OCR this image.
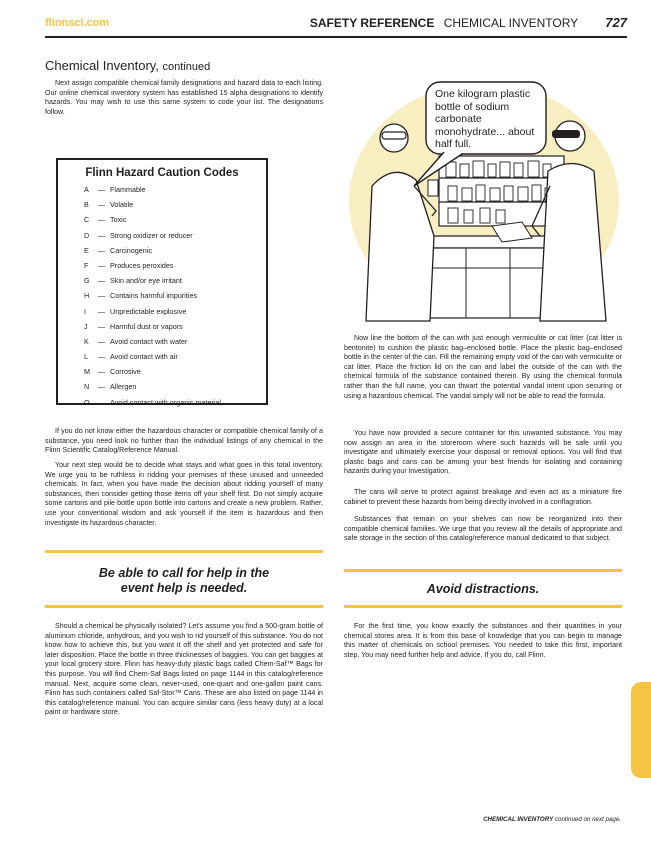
flinnsci.com	SAFETY REFERENCE CHEMICAL INVENTORY 727
Chemical Inventory, continued

Next assign compatible chemical family designations and hazard data to each listing. Our online chemical inventory system has established 15 alpha designations to identify hazards. You may wish to use this same system to code your list. The designations follow.

Flinn Hazard Caution Codes
A — Flammable
B — Volatile
C — Toxic
D — Strong oxidizer or reducer
E — Carcinogenic
F — Produces peroxides
G — Skin and/or eye irritant
H — Contains harmful impurities
I — Unpredictable explosive
J — Harmful dust or vapors
K — Avoid contact with water
L — Avoid contact with air
M — Corrosive
N — Allergen
O — Avoid contact with organic material

If you do not know either the hazardous character or compatible chemical family of a substance, you need look no further than the individual listings of any chemical in the Flinn Scientific Catalog/Reference Manual.

Your next step would be to decide what stays and what goes in this total inventory. We urge you to be ruthless in ridding your premises of these unused and unneeded chemicals. In fact, when you have made the decision about ridding yourself of many substances, then consider getting those items off your shelf first. Do not simply acquire some cartons and pile bottle upon bottle into cartons and create a new problem. Rather, use your conventional wisdom and ask yourself if the item is hazardous and then investigate its hazardous character.

Be able to call for help in the event help is needed.

Should a chemical be physically isolated? Let's assume you find a 500-gram bottle of aluminum chloride, anhydrous, and you wish to rid yourself of this substance. You do not know how to achieve this, but you want it off the shelf and yet protected and safe for later disposition. Place the bottle in three thicknesses of baggies. You can get baggies at your local grocery store. Flinn has heavy-duty plastic bags called Chem-Saf™ Bags for this purpose. You will find Chem-Saf Bags listed on page 1144 in this catalog/reference manual. Next, acquire some clean, never-used, one-quart and one-gallon paint cans. Flinn has such containers called Saf-Stor™ Cans. These are also listed on page 1144 in this catalog/reference manual. You can acquire similar cans (less heavy duty) at a local paint or hardware store.

One kilogram plastic bottle of sodium carbonate monohydrate... about half full.

Now line the bottom of the can with just enough vermiculite or cat litter (cat litter is bentonite) to cushion the plastic bag–enclosed bottle. Place the plastic bag–enclosed bottle in the center of the can. Fill the remaining empty void of the can with vermiculite or cat litter. Place the friction lid on the can and label the outside of the can with the chemical formula of the substance contained therein. By using the chemical formula rather than the full name, you can thwart the potential vandal intent upon securing or using a hazardous chemical. The vandal simply will not be able to read the formula.

You have now provided a secure container for this unwanted substance. You may now assign an area in the storeroom where such hazards will be safe until you investigate and ultimately exercise your disposal or removal options. You will find that plastic bags and cans can be among your best friends for isolating and containing hazards during your investigation.

The cans will serve to protect against breakage and even act as a miniature fire cabinet to prevent these hazards from being directly involved in a conflagration.

Substances that remain on your shelves can now be reorganized into their compatible chemical families. We urge that you review all the details of appropriate and safe storage in the section of this catalog/reference manual dedicated to that subject.

Avoid distractions.

For the first time, you know exactly the substances and their quantities in your chemical stores area. It is from this base of knowledge that you can begin to manage this matter of chemicals on school premises. You needed to take this first, important step. You may need further help and advice. If you do, call Flinn.

CHEMICAL INVENTORY continued on next page.
